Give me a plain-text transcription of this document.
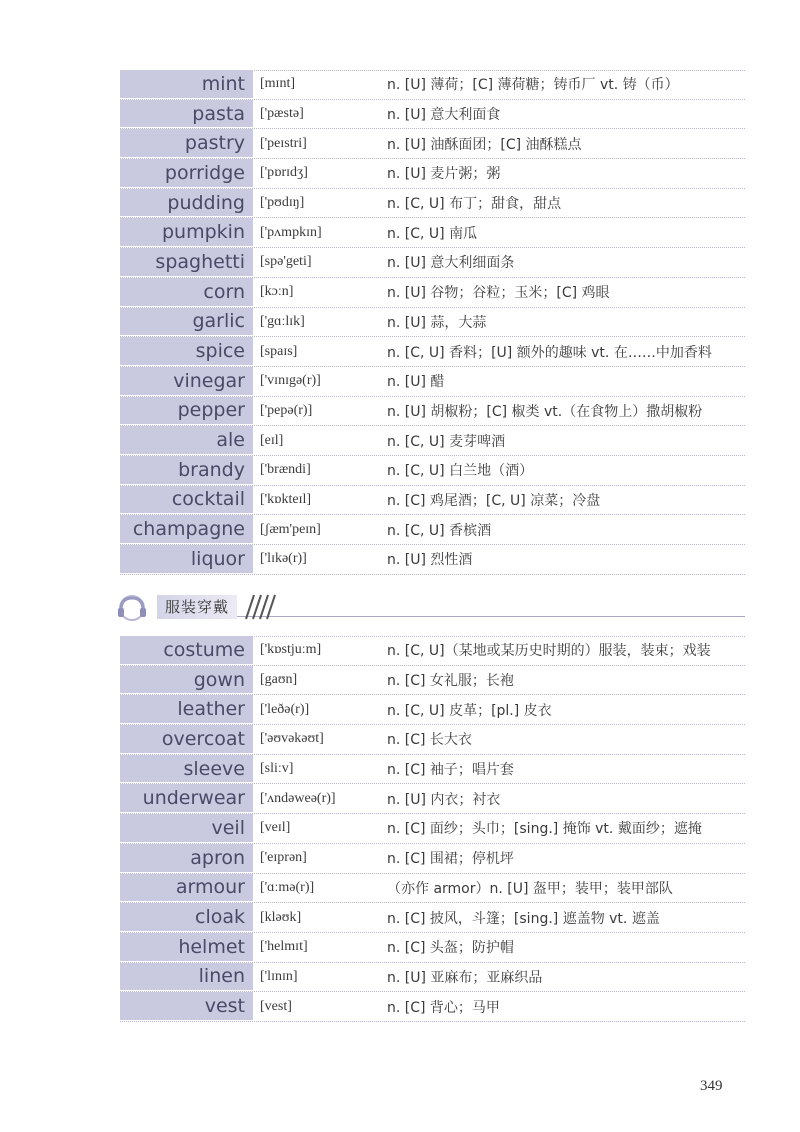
mint	[mɪnt]	n. [U] 薄荷；[C] 薄荷糖；铸币厂 vt. 铸（币）
pasta	['pæstə]	n. [U] 意大利面食
pastry	['peɪstri]	n. [U] 油酥面团；[C] 油酥糕点
porridge	['pɒrɪdʒ]	n. [U] 麦片粥；粥
pudding	['pʊdɪŋ]	n. [C, U] 布丁；甜食，甜点
pumpkin	['pʌmpkɪn]	n. [C, U] 南瓜
spaghetti	[spə'geti]	n. [U] 意大利细面条
corn	[kɔːn]	n. [U] 谷物；谷粒；玉米；[C] 鸡眼
garlic	['gɑːlɪk]	n. [U] 蒜，大蒜
spice	[spaɪs]	n. [C, U] 香料；[U] 额外的趣味 vt. 在……中加香料
vinegar	['vɪnɪgə(r)]	n. [U] 醋
pepper	['pepə(r)]	n. [U] 胡椒粉；[C] 椒类 vt.（在食物上）撒胡椒粉
ale	[eɪl]	n. [C, U] 麦芽啤酒
brandy	['brændi]	n. [C, U] 白兰地（酒）
cocktail	['kɒkteɪl]	n. [C] 鸡尾酒；[C, U] 凉菜；冷盘
champagne	[ʃæm'peɪn]	n. [C, U] 香槟酒
liquor	['lɪkə(r)]	n. [U] 烈性酒
服装穿戴
costume	['kɒstjuːm]	n. [C, U]（某地或某历史时期的）服装，装束；戏装
gown	[gaʊn]	n. [C] 女礼服；长袍
leather	['leðə(r)]	n. [C, U] 皮革；[pl.] 皮衣
overcoat	['əʊvəkəʊt]	n. [C] 长大衣
sleeve	[sliːv]	n. [C] 袖子；唱片套
underwear	['ʌndəweə(r)]	n. [U] 内衣；衬衣
veil	[veɪl]	n. [C] 面纱；头巾；[sing.] 掩饰 vt. 戴面纱；遮掩
apron	['eɪprən]	n. [C] 围裙；停机坪
armour	['ɑːmə(r)]	（亦作 armor）n. [U] 盔甲；装甲；装甲部队
cloak	[kləʊk]	n. [C] 披风，斗篷；[sing.] 遮盖物 vt. 遮盖
helmet	['helmɪt]	n. [C] 头盔；防护帽
linen	['lɪnɪn]	n. [U] 亚麻布；亚麻织品
vest	[vest]	n. [C] 背心；马甲
349
